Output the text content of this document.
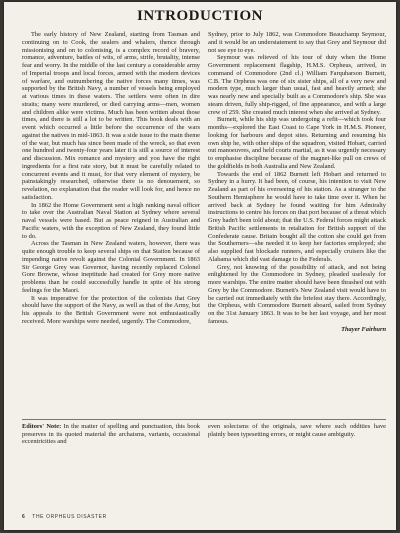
INTRODUCTION

The early history of New Zealand, starting from Tasman and continuing on to Cook, the sealers and whalers, thence through missionising and on to colonising, is a complex record of bravery, romance, adventure, battles of wits, of arms, strife, brutality, intense fear and worry. In the middle of the last century a considerable army of Imperial troops and local forces, armed with the modern devices of warfare, and outnumbering the native forces many times, was supported by the British Navy, a number of vessels being employed at various times in these waters. The settlers were often in dire straits; many were murdered, or died carrying arms—men, women and children alike were victims. Much has been written about those times, and there is still a lot to be written. This book deals with an event which occurred a little before the occurrence of the wars against the natives in mid-1863. It was a side issue to the main theme of the war, but much has since been made of the wreck, so that even one hundred and twenty-four years later it is still a source of interest and discussion. Mix romance and mystery and you have the right ingredients for a first rate story, but it must be carefully related to concurrent events and it must, for that very element of mystery, be painstakingly researched, otherwise there is no denouement, so revelation, no explanation that the reader will look for, and hence no satisfaction.

In 1862 the Home Government sent a high ranking naval officer to take over the Australian Naval Station at Sydney where several naval vessels were based. But as peace reigned in Australian and Pacific waters, with the exception of New Zealand, they found little to do.

Across the Tasman in New Zealand waters, however, there was quite enough trouble to keep several ships on that Station because of impending native revolt against the Colonial Government. In 1863 Sir George Grey was Governor, having recently replaced Colonel Gore Browne, whose ineptitude had created for Grey more native problems than he could successfully handle in spite of his strong feelings for the Maori.

It was imperative for the protection of the colonists that Grey should have the support of the Navy, as well as that of the Army, but his appeals to the British Government were not enthusiastically received. More warships were needed, urgently. The Commodore,

Sydney, prior to July 1862, was Commodore Beauchamp Seymour, and it would be an understatement to say that Grey and Seymour did not see eye to eye.

Seymour was relieved of his tour of duty when the Home Government replacement flagship, H.M.S. Orpheus, arrived, in command of Commodore (2nd cl.) William Farquharson Burnett, C.B. The Orpheus was one of six sister ships, all of a very new and modern type, much larger than usual, fast and heavily armed; she was nearly new and specially built as a Commodore's ship. She was steam driven, fully ship-rigged, of fine appearance, and with a large crew of 259. She created much interest when she arrived at Sydney.

Burnett, while his ship was undergoing a refit—which took four months—explored the East Coast to Cape York in H.M.S. Pioneer, looking for harbours and depot sites. Returning and resuming his own ship he, with other ships of the squadron, visited Hobart, carried out manoeuvres, and held courts martial, as it was urgently necessary to emphasise discipline because of the magnet-like pull on crews of the goldfields in both Australia and New Zealand.

Towards the end of 1862 Burnett left Hobart and returned to Sydney in a hurry. It had been, of course, his intention to visit New Zealand as part of his overseeing of his station. As a stranger to the Southern Hemisphere he would have to take time over it. When he arrived back at Sydney he found waiting for him Admiralty instructions to centre his forces on that port because of a threat which Grey hadn't been told about; that the U.S. Federal forces might attack British Pacific settlements in retaliation for British support of the Confederate cause. Britain bought all the cotton she could get from the Southerners—she needed it to keep her factories employed; she also supplied fast blockade runners, and especially cruisers like the Alabama which did vast damage to the Federals.

Grey, not knowing of the possibility of attack, and not being enlightened by the Commodore in Sydney, pleaded uselessly for more warships. The entire matter should have been thrashed out with Grey by the Commodore. Burnett's New Zealand visit would have to be carried out immediately with the briefest stay there. Accordingly, the Orpheus, with Commodore Burnett aboard, sailed from Sydney on the 31st January 1863. It was to be her last voyage, and her most famous.

Thayer Fairburn
Editors' Note: In the matter of spelling and punctuation, this book preserves in its quoted material the archaisms, variants, occasional eccentricities and
even solecisms of the originals, save where such oddities have plainly been typesetting errors, or might cause ambiguity.
6 THE ORPHEUS DISASTER
